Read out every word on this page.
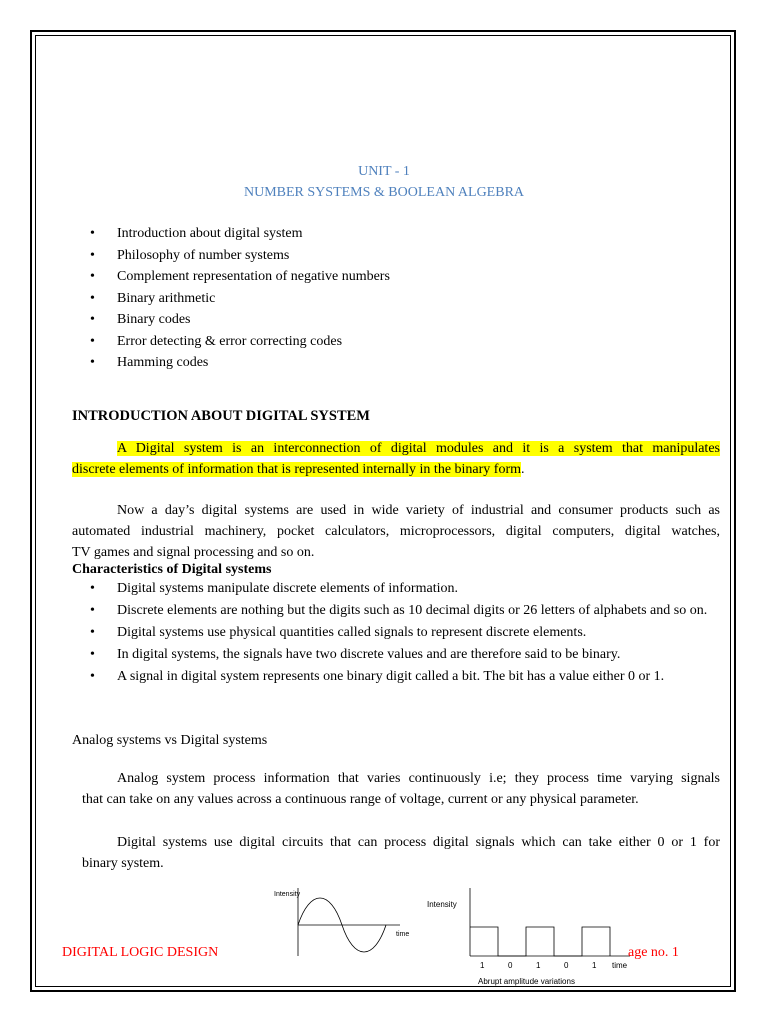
UNIT - 1
NUMBER SYSTEMS & BOOLEAN ALGEBRA
• Introduction about digital system
• Philosophy of number systems
• Complement representation of negative numbers
• Binary arithmetic
• Binary codes
• Error detecting & error correcting codes
• Hamming codes
INTRODUCTION ABOUT DIGITAL SYSTEM
A Digital system is an interconnection of digital modules and it is a system that manipulates
discrete elements of information that is represented internally in the binary form.
Now a day’s digital systems are used in wide variety of industrial and consumer products such as
automated industrial machinery, pocket calculators, microprocessors, digital computers, digital watches,
TV games and signal processing and so on.
Characteristics of Digital systems
• Digital systems manipulate discrete elements of information.
• Discrete elements are nothing but the digits such as 10 decimal digits or 26 letters of alphabets and so on.
• Digital systems use physical quantities called signals to represent discrete elements.
• In digital systems, the signals have two discrete values and are therefore said to be binary.
• A signal in digital system represents one binary digit called a bit. The bit has a value either 0 or 1.
Analog systems vs Digital systems
Analog system process information that varies continuously i.e; they process time varying signals
that can take on any values across a continuous range of voltage, current or any physical parameter.
Digital systems use digital circuits that can process digital signals which can take either 0 or 1 for
binary system.
Intensity
time
Intensity
1	0	1	0	1 time
Abrupt amplitude variations
DIGITAL LOGIC DESIGN	age no. 1
